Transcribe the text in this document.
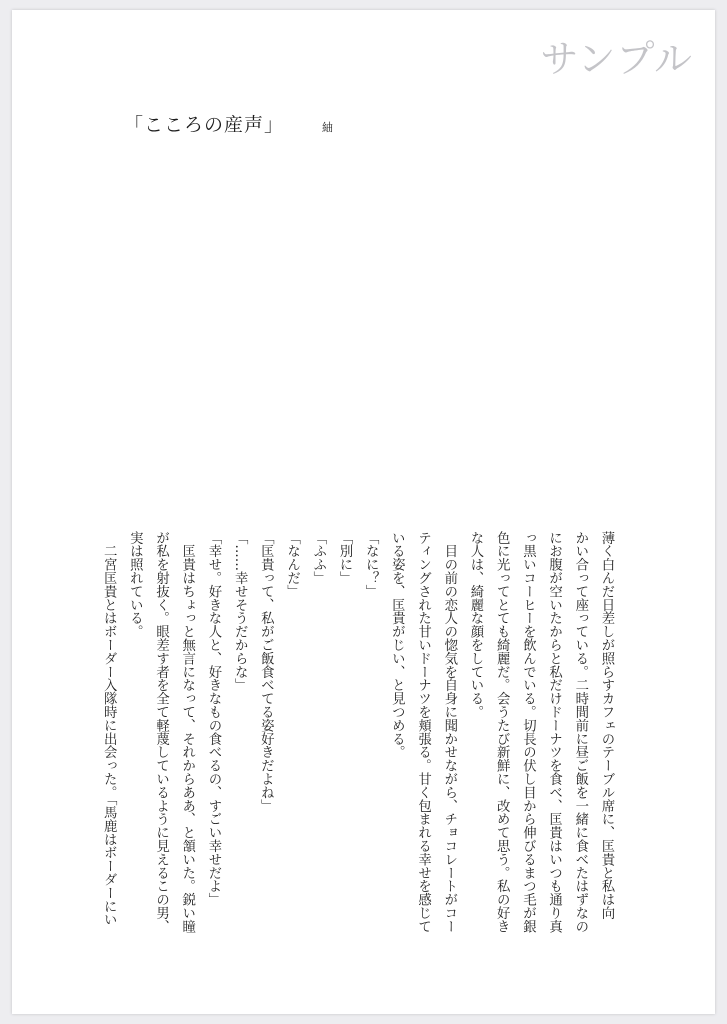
サンプル
「こころの産声」	紬
薄く白んだ日差しが照らすカフェのテーブル席に、匡貴と私は向
かい合って座っている。二時間前に昼ご飯を一緒に食べたはずなの
にお腹が空いたからと私だけドーナツを食べ、匡貴はいつも通り真
っ黒いコーヒーを飲んでいる。切長の伏し目から伸びるまつ毛が銀
色に光ってとても綺麗だ。会うたび新鮮に、改めて思う。私の好き
な人は、綺麗な顔をしている。
　目の前の恋人の惚気を自身に聞かせながら、チョコレートがコー
ティングされた甘いドーナツを頬張る。甘く包まれる幸せを感じて
いる姿を、匡貴がじい、と見つめる。
「なに？」
「別に」
「ふふ」
「なんだ」
「匡貴って、私がご飯食べてる姿好きだよね」
「……幸せそうだからな」
「幸せ。好きな人と、好きなもの食べるの、すごい幸せだよ」
　匡貴はちょっと無言になって、それからああ、と頷いた。鋭い瞳
が私を射抜く。眼差す者を全て軽蔑しているように見えるこの男、
実は照れている。
　二宮匡貴とはボーダー入隊時に出会った。「馬鹿はボーダーにい
